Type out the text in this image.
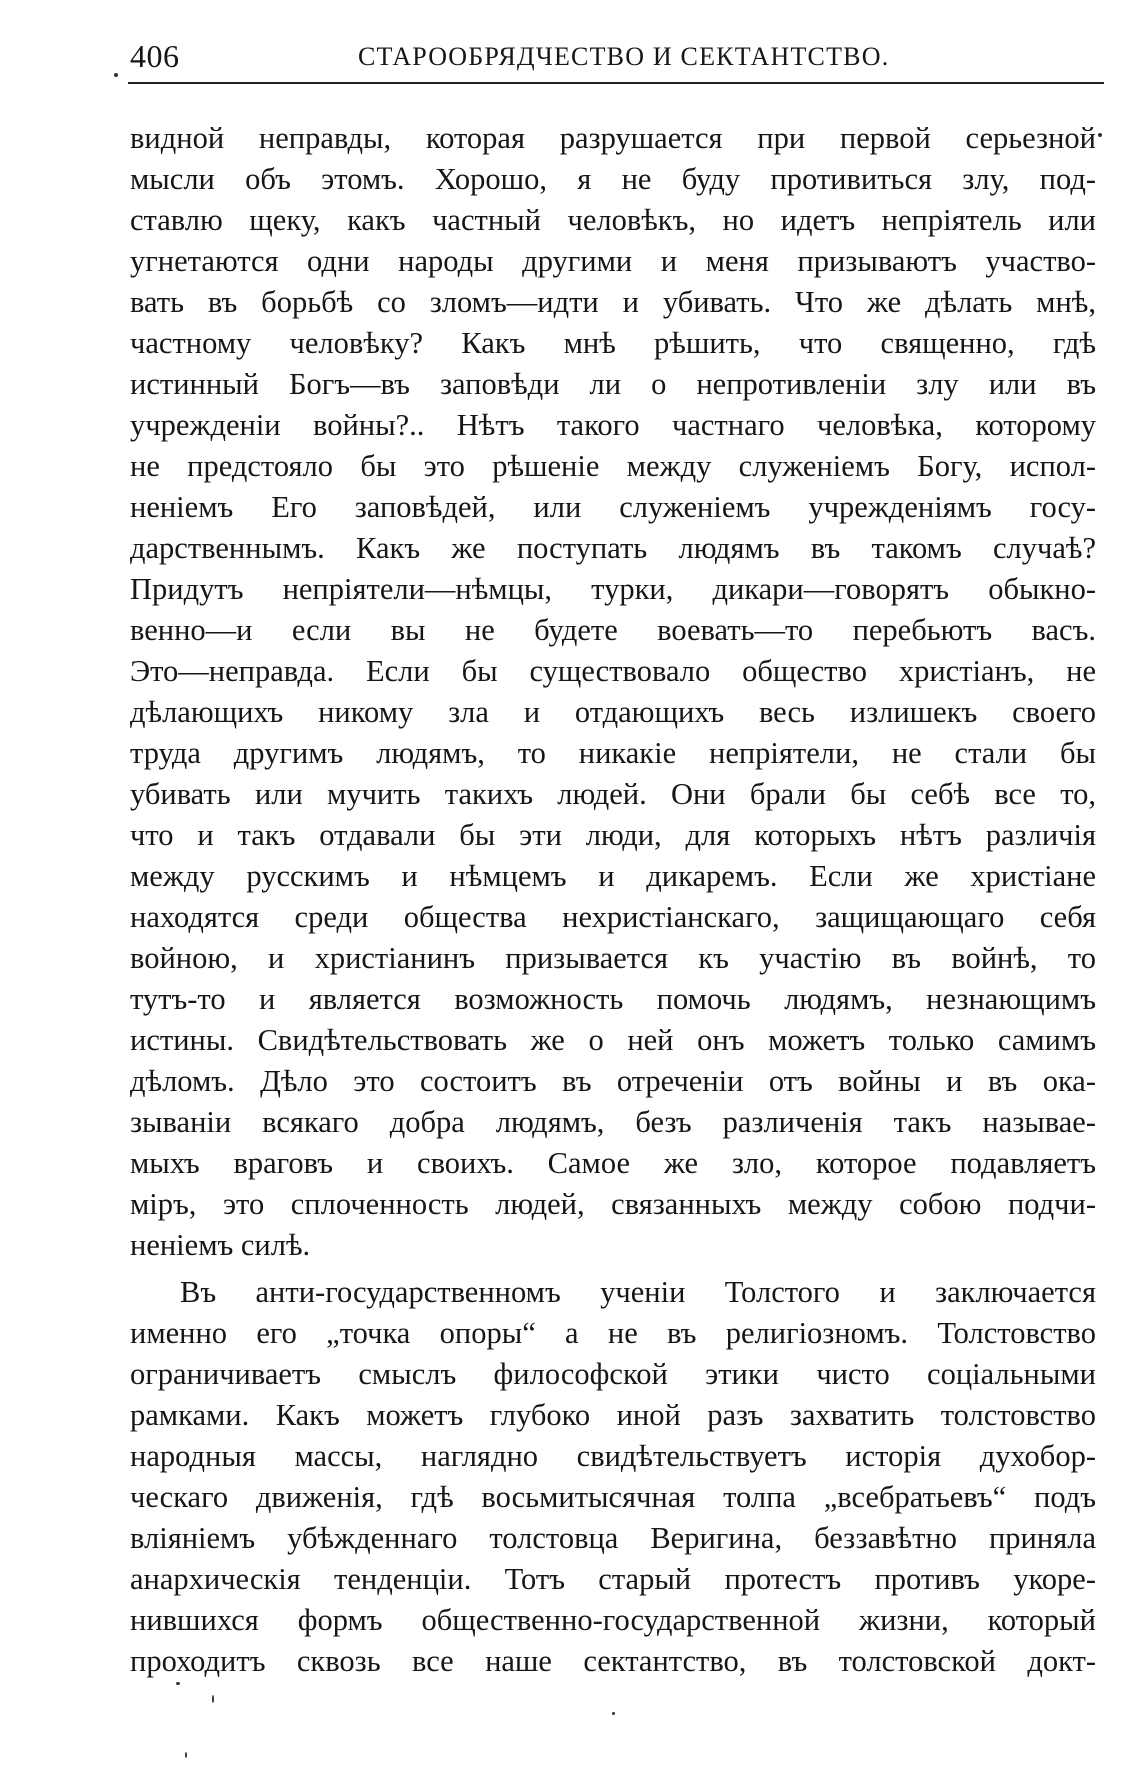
406	СТАРООБРЯДЧЕСТВО И СЕКТАНТСТВО.
видной неправды, которая разрушается при первой серьезной
мысли объ этомъ. Хорошо, я не буду противиться злу, под-
ставлю щеку, какъ частный человѣкъ, но идетъ непрiятель или
угнетаются одни народы другими и меня призываютъ участво-
вать въ борьбѣ со зломъ—идти и убивать. Что же дѣлать мнѣ,
частному человѣку? Какъ мнѣ рѣшить, что священно, гдѣ
истинный Богъ—въ заповѣди ли о непротивленiи злу или въ
учрежденiи войны?.. Нѣтъ такого частнаго человѣка, которому
не предстояло бы это рѣшенiе между служенiемъ Богу, испол-
ненiемъ Его заповѣдей, или служенiемъ учрежденiямъ госу-
дарственнымъ. Какъ же поступать людямъ въ такомъ случаѣ?
Придутъ непрiятели—нѣмцы, турки, дикари—говорятъ обыкно-
венно—и если вы не будете воевать—то перебьютъ васъ.
Это—неправда. Если бы существовало общество христiанъ, не
дѣлающихъ никому зла и отдающихъ весь излишекъ своего
труда другимъ людямъ, то никакiе непрiятели, не стали бы
убивать или мучить такихъ людей. Они брали бы себѣ все то,
что и такъ отдавали бы эти люди, для которыхъ нѣтъ различiя
между русскимъ и нѣмцемъ и дикаремъ. Если же христiане
находятся среди общества нехристiанскаго, защищающаго себя
войною, и христiанинъ призывается къ участiю въ войнѣ, то
тутъ-то и является возможность помочь людямъ, незнающимъ
истины. Свидѣтельствовать же о ней онъ можетъ только самимъ
дѣломъ. Дѣло это состоитъ въ отреченiи отъ войны и въ ока-
зыванiи всякаго добра людямъ, безъ различенiя такъ называе-
мыхъ враговъ и своихъ. Самое же зло, которое подавляетъ
мiръ, это сплоченность людей, связанныхъ между собою подчи-
ненiемъ силѣ.
Въ анти-государственномъ ученiи Толстого и заключается
именно его „точка опоры“ а не въ религiозномъ. Толстовство
ограничиваетъ смыслъ философской этики чисто соцiальными
рамками. Какъ можетъ глубоко иной разъ захватить толстовство
народныя массы, наглядно свидѣтельствуетъ исторiя духобор-
ческаго движенiя, гдѣ восьмитысячная толпа „всебратьевъ“ подъ
влiянiемъ убѣжденнаго толстовца Веригина, беззавѣтно приняла
анархическiя тенденцiи. Тотъ старый протестъ противъ укоре-
нившихся формъ общественно-государственной жизни, который
проходитъ сквозь все наше сектантство, въ толстовской докт-
